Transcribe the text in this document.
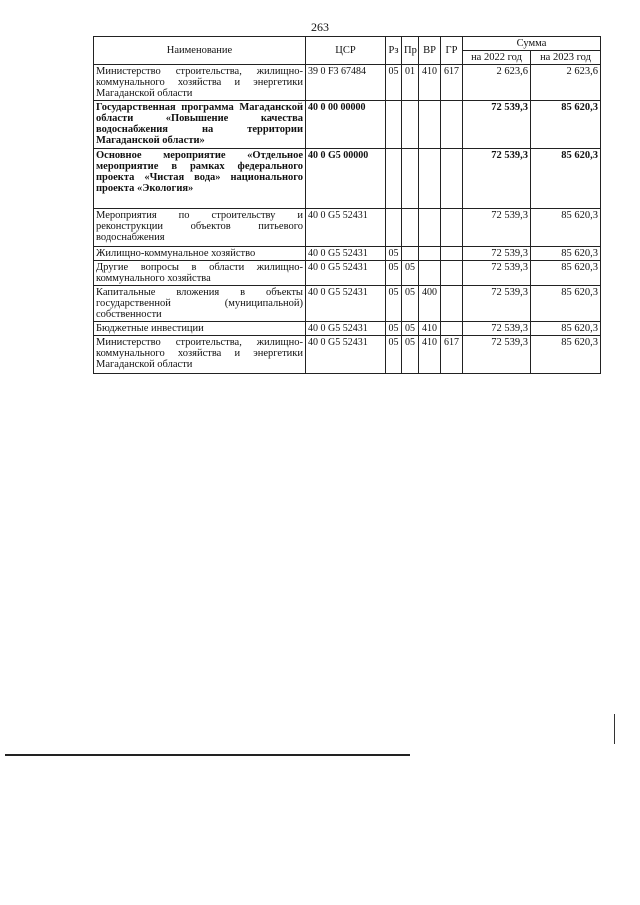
263
Наименование	ЦСР	Рз	Пр	ВР	ГР	Сумма	
						на 2022 год	на 2023 год
Министерство строительства, жилищно-коммунального хозяйства и энергетики Магаданской области	39 0 F3 67484	05	01	410	617	2 623,6	2 623,6
Государственная программа Магаданской области «Повышение качества водоснабжения на территории Магаданской области»	40 0 00 00000					72 539,3	85 620,3
Основное мероприятие «Отдельное мероприятие в рамках федерального проекта «Чистая вода» национального проекта «Экология»	40 0 G5 00000					72 539,3	85 620,3
Мероприятия по строительству и реконструкции объектов питьевого водоснабжения	40 0 G5 52431					72 539,3	85 620,3
Жилищно-коммунальное хозяйство	40 0 G5 52431	05				72 539,3	85 620,3
Другие вопросы в области жилищно-коммунального хозяйства	40 0 G5 52431	05	05			72 539,3	85 620,3
Капитальные вложения в объекты государственной (муниципальной) собственности	40 0 G5 52431	05	05	400		72 539,3	85 620,3
Бюджетные инвестиции	40 0 G5 52431	05	05	410		72 539,3	85 620,3
Министерство строительства, жилищно-коммунального хозяйства и энергетики Магаданской области	40 0 G5 52431	05	05	410	617	72 539,3	85 620,3
